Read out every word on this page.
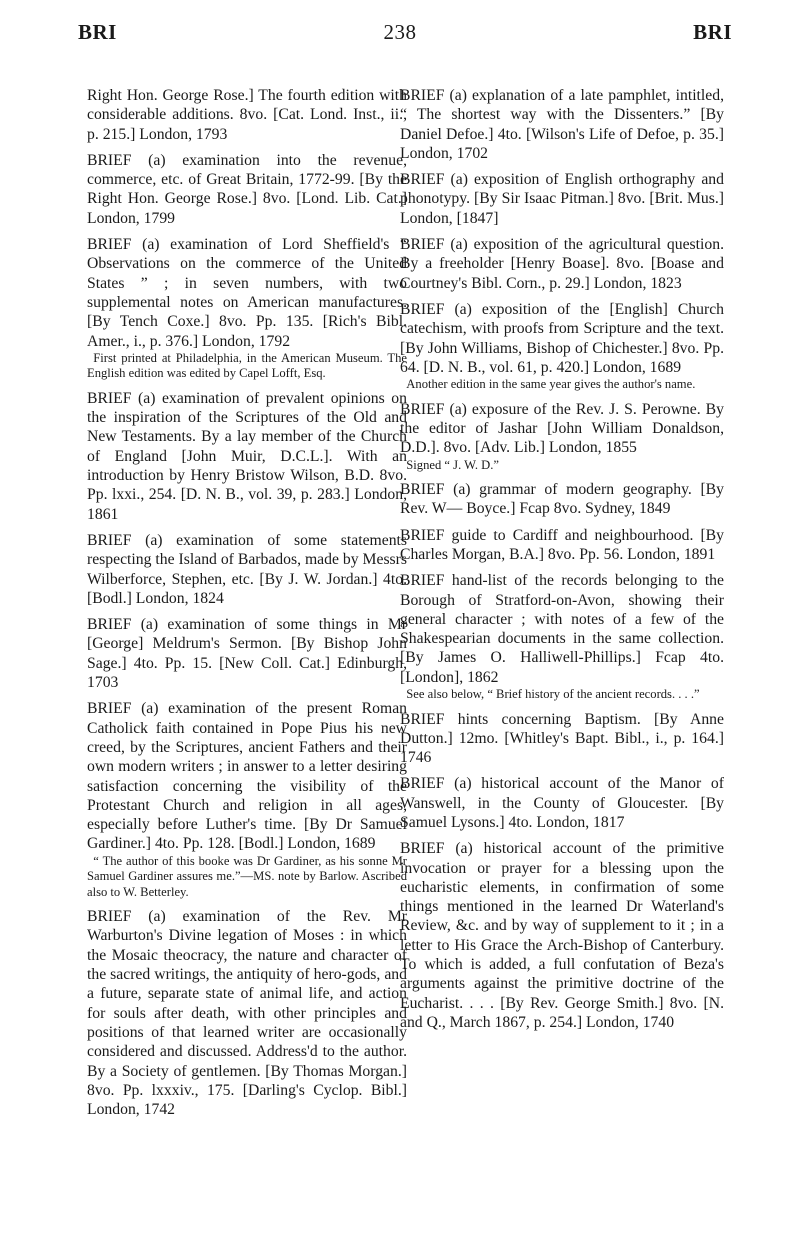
BRI	238	BRI

Right Hon. George Rose.] The fourth edition with considerable additions. 8vo. [Cat. Lond. Inst., ii., p. 215.] London, 1793

BRIEF (a) examination into the revenue, commerce, etc. of Great Britain, 1772-99. [By the Right Hon. George Rose.] 8vo. [Lond. Lib. Cat.] London, 1799

BRIEF (a) examination of Lord Sheffield's “ Observations on the commerce of the United States ” ; in seven numbers, with two supplemental notes on American manufactures. [By Tench Coxe.] 8vo. Pp. 135. [Rich's Bibl. Amer., i., p. 376.] London, 1792

First printed at Philadelphia, in the American Museum. The English edition was edited by Capel Lofft, Esq.

BRIEF (a) examination of prevalent opinions on the inspiration of the Scriptures of the Old and New Testaments. By a lay member of the Church of England [John Muir, D.C.L.]. With an introduction by Henry Bristow Wilson, B.D. 8vo. Pp. lxxi., 254. [D. N. B., vol. 39, p. 283.] London, 1861

BRIEF (a) examination of some statements respecting the Island of Barbados, made by Messrs Wilberforce, Stephen, etc. [By J. W. Jordan.] 4to. [Bodl.] London, 1824

BRIEF (a) examination of some things in Mr [George] Meldrum's Sermon. [By Bishop John Sage.] 4to. Pp. 15. [New Coll. Cat.] Edinburgh, 1703

BRIEF (a) examination of the present Roman Catholick faith contained in Pope Pius his new creed, by the Scriptures, ancient Fathers and their own modern writers ; in answer to a letter desiring satisfaction concerning the visibility of the Protestant Church and religion in all ages, especially before Luther's time. [By Dr Samuel Gardiner.] 4to. Pp. 128. [Bodl.] London, 1689

“ The author of this booke was Dr Gardiner, as his sonne Mr Samuel Gardiner assures me.”—MS. note by Barlow. Ascribed also to W. Betterley.

BRIEF (a) examination of the Rev. Mr Warburton's Divine legation of Moses : in which the Mosaic theocracy, the nature and character of the sacred writings, the antiquity of hero-gods, and a future, separate state of animal life, and action for souls after death, with other principles and positions of that learned writer are occasionally considered and discussed. Address'd to the author. By a Society of gentlemen. [By Thomas Morgan.] 8vo. Pp. lxxxiv., 175. [Darling's Cyclop. Bibl.] London, 1742

BRIEF (a) explanation of a late pamphlet, intitled, “ The shortest way with the Dissenters.” [By Daniel Defoe.] 4to. [Wilson's Life of Defoe, p. 35.] London, 1702

BRIEF (a) exposition of English orthography and phonotypy. [By Sir Isaac Pitman.] 8vo. [Brit. Mus.] London, [1847]

BRIEF (a) exposition of the agricultural question. By a freeholder [Henry Boase]. 8vo. [Boase and Courtney's Bibl. Corn., p. 29.] London, 1823

BRIEF (a) exposition of the [English] Church catechism, with proofs from Scripture and the text. [By John Williams, Bishop of Chichester.] 8vo. Pp. 64. [D. N. B., vol. 61, p. 420.] London, 1689

Another edition in the same year gives the author's name.

BRIEF (a) exposure of the Rev. J. S. Perowne. By the editor of Jashar [John William Donaldson, D.D.]. 8vo. [Adv. Lib.] London, 1855

Signed “ J. W. D.”

BRIEF (a) grammar of modern geography. [By Rev. W— Boyce.] Fcap 8vo. Sydney, 1849

BRIEF guide to Cardiff and neighbourhood. [By Charles Morgan, B.A.] 8vo. Pp. 56. London, 1891

BRIEF hand-list of the records belonging to the Borough of Stratford-on-Avon, showing their general character ; with notes of a few of the Shakespearian documents in the same collection. [By James O. Halliwell-Phillips.] Fcap 4to. [London], 1862

See also below, “ Brief history of the ancient records. . . .”

BRIEF hints concerning Baptism. [By Anne Dutton.] 12mo. [Whitley's Bapt. Bibl., i., p. 164.] 1746

BRIEF (a) historical account of the Manor of Wanswell, in the County of Gloucester. [By Samuel Lysons.] 4to. London, 1817

BRIEF (a) historical account of the primitive invocation or prayer for a blessing upon the eucharistic elements, in confirmation of some things mentioned in the learned Dr Waterland's Review, &c. and by way of supplement to it ; in a letter to His Grace the Arch-Bishop of Canterbury. To which is added, a full confutation of Beza's arguments against the primitive doctrine of the Eucharist. . . . [By Rev. George Smith.] 8vo. [N. and Q., March 1867, p. 254.] London, 1740
